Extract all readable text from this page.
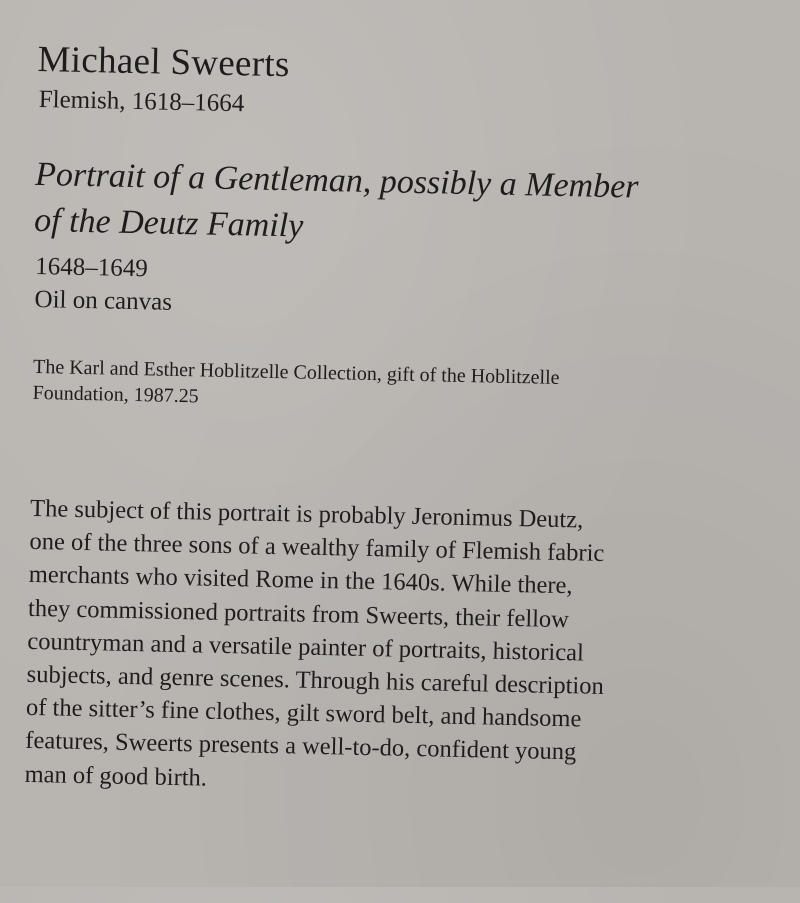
Michael Sweerts

Flemish, 1618–1664

Portrait of a Gentleman, possibly a Member
of the Deutz Family

1648–1649

Oil on canvas

The Karl and Esther Hoblitzelle Collection, gift of the Hoblitzelle
Foundation, 1987.25

The subject of this portrait is probably Jeronimus Deutz,
one of the three sons of a wealthy family of Flemish fabric
merchants who visited Rome in the 1640s. While there,
they commissioned portraits from Sweerts, their fellow
countryman and a versatile painter of portraits, historical
subjects, and genre scenes. Through his careful description
of the sitter’s fine clothes, gilt sword belt, and handsome
features, Sweerts presents a well-to-do, confident young
man of good birth.
